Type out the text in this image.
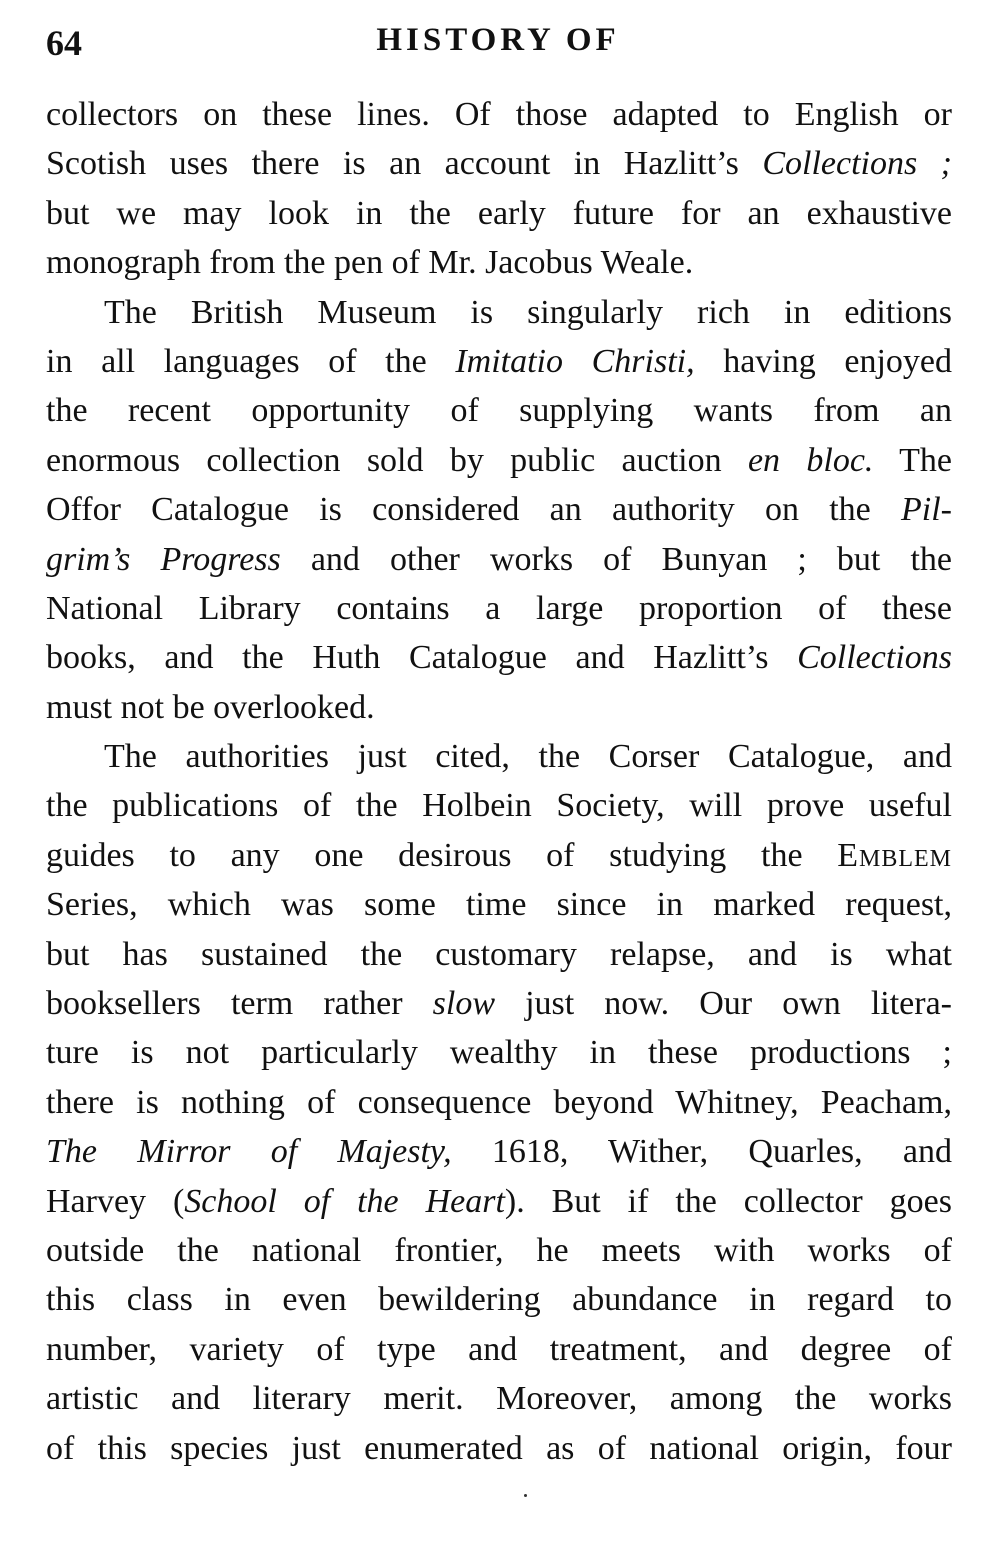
64	HISTORY OF
collectors on these lines. Of those adapted to English or
Scotish uses there is an account in Hazlitt’s Collections ;
but we may look in the early future for an exhaustive
monograph from the pen of Mr. Jacobus Weale.
The British Museum is singularly rich in editions
in all languages of the Imitatio Christi, having enjoyed
the recent opportunity of supplying wants from an
enormous collection sold by public auction en bloc. The
Offor Catalogue is considered an authority on the Pil-
grim’s Progress and other works of Bunyan ; but the
National Library contains a large proportion of these
books, and the Huth Catalogue and Hazlitt’s Collections
must not be overlooked.
The authorities just cited, the Corser Catalogue, and
the publications of the Holbein Society, will prove useful
guides to any one desirous of studying the Emblem
Series, which was some time since in marked request,
but has sustained the customary relapse, and is what
booksellers term rather slow just now. Our own litera-
ture is not particularly wealthy in these productions ;
there is nothing of consequence beyond Whitney, Peacham,
The Mirror of Majesty, 1618, Wither, Quarles, and
Harvey (School of the Heart). But if the collector goes
outside the national frontier, he meets with works of
this class in even bewildering abundance in regard to
number, variety of type and treatment, and degree of
artistic and literary merit. Moreover, among the works
of this species just enumerated as of national origin, four
